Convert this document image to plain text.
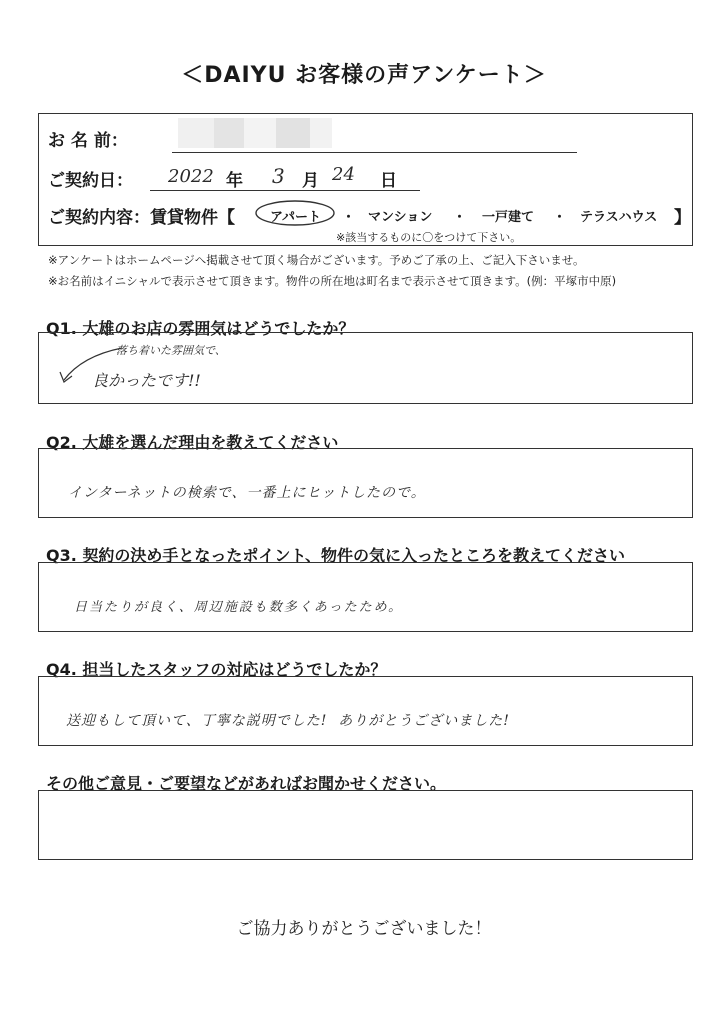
＜DAIYU お客様の声アンケート＞
お 名 前：
ご契約日： 2022 年 3 月 24 日
ご契約内容：賃貸物件【	アパート ・ マンション ・ 一戸建て ・ テラスハウス 】
※該当するものに〇をつけて下さい。
※アンケートはホームページへ掲載させて頂く場合がございます。予めご了承の上、ご記入下さいませ。
※お名前はイニシャルで表示させて頂きます。物件の所在地は町名まで表示させて頂きます。(例：平塚市中原)
Q1. 大雄のお店の雰囲気はどうでしたか？
落ち着いた雰囲気で、
良かったです!!
Q2. 大雄を選んだ理由を教えてください
インターネットの検索で、一番上にヒットしたので。
Q3. 契約の決め手となったポイント、物件の気に入ったところを教えてください
日当たりが良く、周辺施設も数多くあったため。
Q4. 担当したスタッフの対応はどうでしたか？
送迎もして頂いて、丁寧な説明でした!  ありがとうございました!
その他ご意見・ご要望などがあればお聞かせください。
ご協力ありがとうございました！
